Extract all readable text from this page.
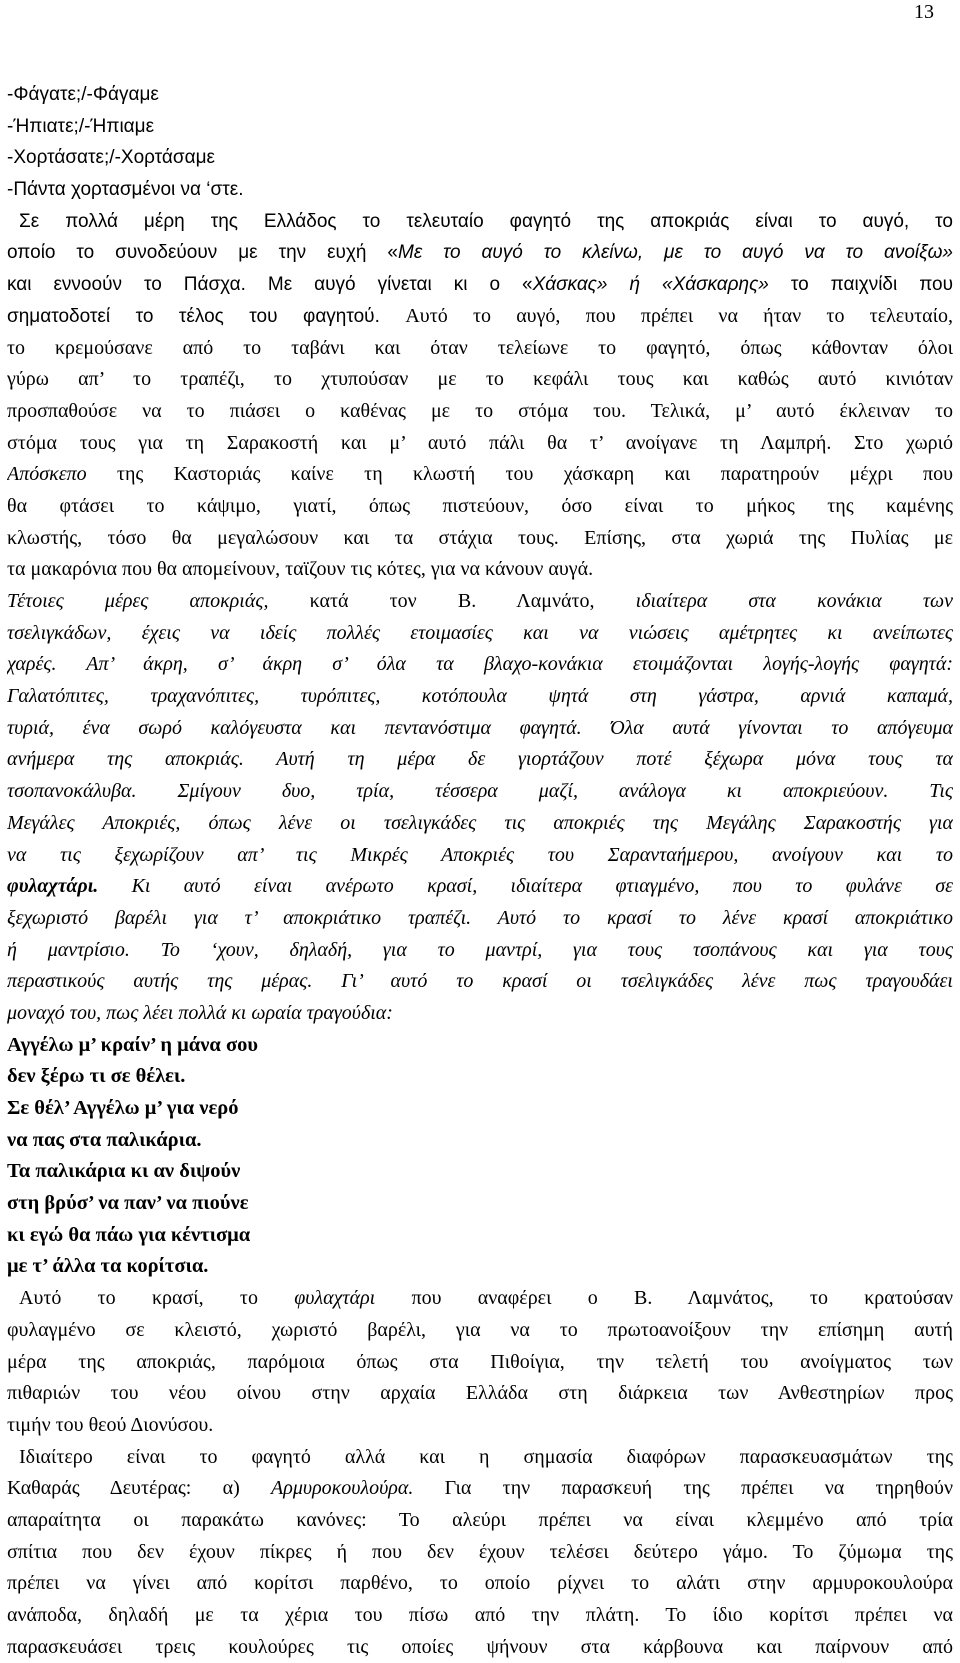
13
-Φάγατε;/-Φάγαμε
-Ήπιατε;/-Ήπιαμε
-Χορτάσατε;/-Χορτάσαμε
-Πάντα χορτασμένοι να ‘στε.
Σε πολλά μέρη της Ελλάδος το τελευταίο φαγητό της αποκριάς είναι το αυγό, το
οποίο το συνοδεύουν με την ευχή «Με το αυγό το κλείνω, με το αυγό να το ανοίξω»
και εννοούν το Πάσχα. Με αυγό γίνεται κι ο «Χάσκας» ή «Χάσκαρης» το παιχνίδι που
σηματοδοτεί το τέλος του φαγητού. Αυτό το αυγό, που πρέπει να ήταν το τελευταίο,
το κρεμούσανε από το ταβάνι και όταν τελείωνε το φαγητό, όπως κάθονταν όλοι
γύρω απ’ το τραπέζι, το χτυπούσαν με το κεφάλι τους και καθώς αυτό κινιόταν
προσπαθούσε να το πιάσει ο καθένας με το στόμα του. Τελικά, μ’ αυτό έκλειναν το
στόμα τους για τη Σαρακοστή και μ’ αυτό πάλι θα τ’ ανοίγανε τη Λαμπρή. Στο χωριό
Απόσκεπο της Καστοριάς καίνε τη κλωστή του χάσκαρη και παρατηρούν μέχρι που
θα φτάσει το κάψιμο, γιατί, όπως πιστεύουν, όσο είναι το μήκος της καμένης
κλωστής, τόσο θα μεγαλώσουν και τα στάχια τους. Επίσης, στα χωριά της Πυλίας με
τα μακαρόνια που θα απομείνουν, ταϊζουν τις κότες, για να κάνουν αυγά.
Τέτοιες μέρες αποκριάς, κατά τον Β. Λαμνάτο, ιδιαίτερα στα κονάκια των
τσελιγκάδων, έχεις να ιδείς πολλές ετοιμασίες και να νιώσεις αμέτρητες κι ανείπωτες
χαρές. Απ’ άκρη, σ’ άκρη σ’ όλα τα βλαχο-κονάκια ετοιμάζονται λογής-λογής φαγητά:
Γαλατόπιτες, τραχανόπιτες, τυρόπιτες, κοτόπουλα ψητά στη γάστρα, αρνιά καπαμά,
τυριά, ένα σωρό καλόγευστα και πεντανόστιμα φαγητά. Όλα αυτά γίνονται το απόγευμα
ανήμερα της αποκριάς. Αυτή τη μέρα δε γιορτάζουν ποτέ ξέχωρα μόνα τους τα
τσοπανοκάλυβα. Σμίγουν δυο, τρία, τέσσερα μαζί, ανάλογα κι αποκριεύουν. Τις
Μεγάλες Αποκριές, όπως λένε οι τσελιγκάδες τις αποκριές της Μεγάλης Σαρακοστής για
να τις ξεχωρίζουν απ’ τις Μικρές Αποκριές του Σαρανταήμερου, ανοίγουν και το
φυλαχτάρι. Κι αυτό είναι ανέρωτο κρασί, ιδιαίτερα φτιαγμένο, που το φυλάνε σε
ξεχωριστό βαρέλι για τ’ αποκριάτικο τραπέζι. Αυτό το κρασί το λένε κρασί αποκριάτικο
ή μαντρίσιο. Το ‘χουν, δηλαδή, για το μαντρί, για τους τσοπάνους και για τους
περαστικούς αυτής της μέρας. Γι’ αυτό το κρασί οι τσελιγκάδες λένε πως τραγουδάει
μοναχό του, πως λέει πολλά κι ωραία τραγούδια:
Αγγέλω μ’ κραίν’ η μάνα σου
δεν ξέρω τι σε θέλει.
Σε θέλ’ Αγγέλω μ’ για νερό
να πας στα παλικάρια.
Τα παλικάρια κι αν διψούν
στη βρύσ’ να παν’ να πιούνε
κι εγώ θα πάω για κέντισμα
με τ’ άλλα τα κορίτσια.
Αυτό το κρασί, το φυλαχτάρι που αναφέρει ο Β. Λαμνάτος, το κρατούσαν
φυλαγμένο σε κλειστό, χωριστό βαρέλι, για να το πρωτοανοίξουν την επίσημη αυτή
μέρα της αποκριάς, παρόμοια όπως στα Πιθοίγια, την τελετή του ανοίγματος των
πιθαριών του νέου οίνου στην αρχαία Ελλάδα στη διάρκεια των Ανθεστηρίων προς
τιμήν του θεού Διονύσου.
Ιδιαίτερο είναι το φαγητό αλλά και η σημασία διαφόρων παρασκευασμάτων της
Καθαράς Δευτέρας: α) Αρμυροκουλούρα. Για την παρασκευή της πρέπει να τηρηθούν
απαραίτητα οι παρακάτω κανόνες: Το αλεύρι πρέπει να είναι κλεμμένο από τρία
σπίτια που δεν έχουν πίκρες ή που δεν έχουν τελέσει δεύτερο γάμο. Το ζύμωμα της
πρέπει να γίνει από κορίτσι παρθένο, το οποίο ρίχνει το αλάτι στην αρμυροκουλούρα
ανάποδα, δηλαδή με τα χέρια του πίσω από την πλάτη. Το ίδιο κορίτσι πρέπει να
παρασκευάσει τρεις κουλούρες τις οποίες ψήνουν στα κάρβουνα και παίρνουν από
